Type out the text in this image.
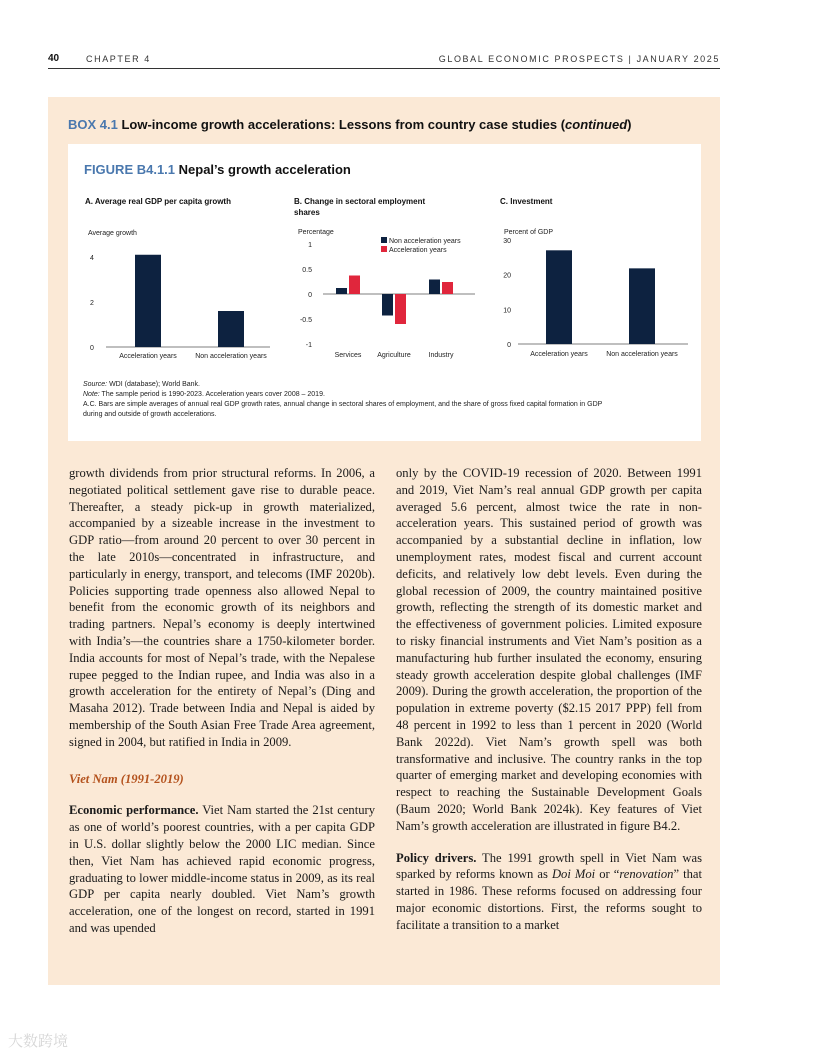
40	CHAPTER 4	GLOBAL ECONOMIC PROSPECTS | JANUARY 2025
BOX 4.1 Low-income growth accelerations: Lessons from country case studies (continued)
FIGURE B4.1.1 Nepal’s growth acceleration
A. Average real GDP per capita growth
Average growth
0
2
4
Acceleration years	Non acceleration years
B. Change in sectoral employment
shares
Percentage
Non acceleration years
Acceleration years
1
0.5
0
-0.5
-1
Services Agriculture	Industry
C. Investment
Percent of GDP
0
10
20
30
Acceleration years	Non acceleration years

Source: WDI (database); World Bank.

Note: The sample period is 1990-2023. Acceleration years cover 2008 – 2019.

A.C. Bars are simple averages of annual real GDP growth rates, annual change in sectoral shares of employment, and the share of gross fixed capital formation in GDP

during and outside of growth accelerations.

growth dividends from prior structural reforms. In 2006, a negotiated political settlement gave rise to durable peace. Thereafter, a steady pick-up in growth materialized, accompanied by a sizeable increase in the investment to GDP ratio—from around 20 percent to over 30 percent in the late 2010s—concentrated in infrastructure, and particularly in energy, transport, and telecoms (IMF 2020b). Policies supporting trade openness also allowed Nepal to benefit from the economic growth of its neighbors and trading partners. Nepal’s economy is deeply intertwined with India’s—the countries share a 1750-kilometer border. India accounts for most of Nepal’s trade, with the Nepalese rupee pegged to the Indian rupee, and India was also in a growth acceleration for the entirety of Nepal’s (Ding and Masaha 2012). Trade between India and Nepal is aided by membership of the South Asian Free Trade Area agreement, signed in 2004, but ratified in India in 2009.

Viet Nam (1991-2019)

Economic performance. Viet Nam started the 21st century as one of world’s poorest countries, with a per capita GDP in U.S. dollar slightly below the 2000 LIC median. Since then, Viet Nam has achieved rapid economic progress, graduating to lower middle-income status in 2009, as its real GDP per capita nearly doubled. Viet Nam’s growth acceleration, one of the longest on record, started in 1991 and was upended

only by the COVID-19 recession of 2020. Between 1991 and 2019, Viet Nam’s real annual GDP growth per capita averaged 5.6 percent, almost twice the rate in non-acceleration years. This sustained period of growth was accompanied by a substantial decline in inflation, low unemployment rates, modest fiscal and current account deficits, and relatively low debt levels. Even during the global recession of 2009, the country maintained positive growth, reflecting the strength of its domestic market and the effectiveness of government policies. Limited exposure to risky financial instruments and Viet Nam’s position as a manufacturing hub further insulated the economy, ensuring steady growth acceleration despite global challenges (IMF 2009). During the growth acceleration, the proportion of the population in extreme poverty ($2.15 2017 PPP) fell from 48 percent in 1992 to less than 1 percent in 2020 (World Bank 2022d). Viet Nam’s growth spell was both transformative and inclusive. The country ranks in the top quarter of emerging market and developing economies with respect to reaching the Sustainable Development Goals (Baum 2020; World Bank 2024k). Key features of Viet Nam’s growth acceleration are illustrated in figure B4.2.

Policy drivers. The 1991 growth spell in Viet Nam was sparked by reforms known as Doi Moi or “renovation” that started in 1986. These reforms focused on addressing four major economic distortions. First, the reforms sought to facilitate a transition to a market

大数跨境
